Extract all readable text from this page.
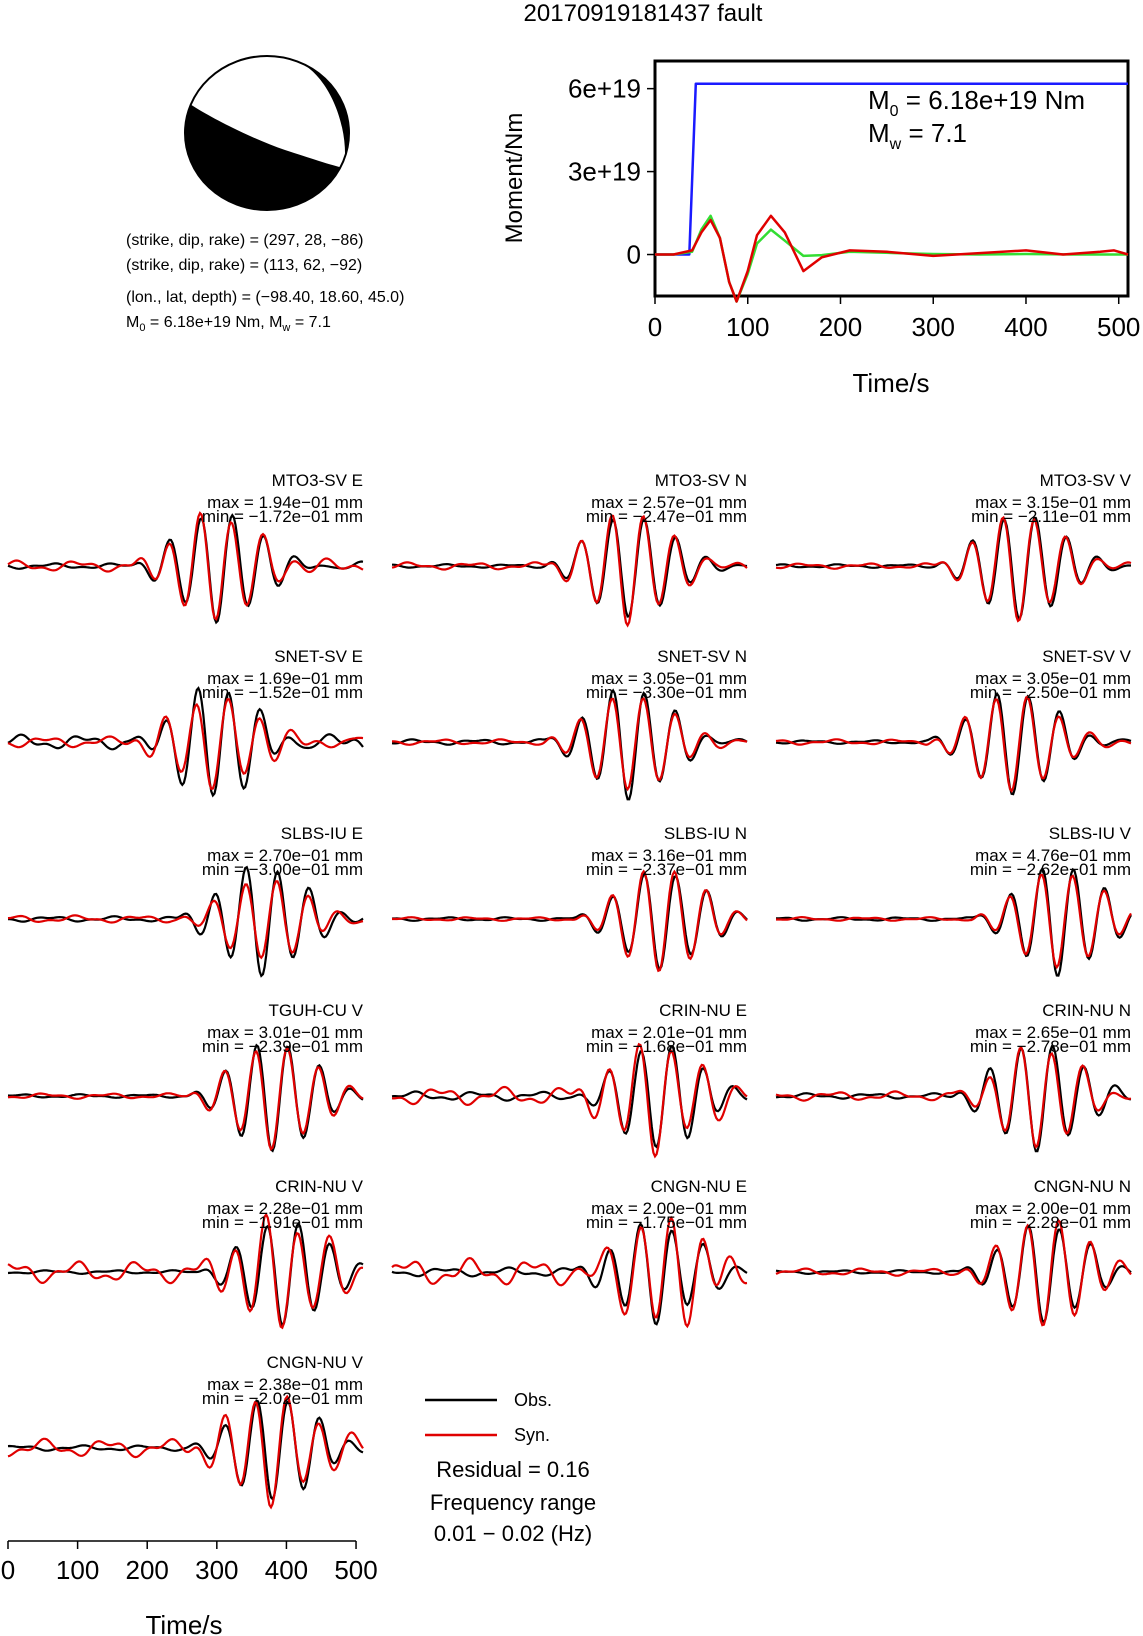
20170919181437 fault
(strike, dip, rake) = (297, 28, −86)
(strike, dip, rake) = (113, 62, −92)
(lon., lat, depth) = (−98.40, 18.60, 45.0)
$M_0 = 6.18e+19$ Nm, $M_w = 7.1$	0 100 200 300 400 500
0
3e+19
6e+19
Moment/Nm
Time/s
$M_0 = 6.18e+19$ Nm
$M_w = 7.1$
MTO3-SV E
max = 1.94e−01 mm
min = −1.72e−01 mm
MTO3-SV N
max = 2.57e−01 mm
min = −2.47e−01 mm
MTO3-SV V
max = 3.15e−01 mm
min = −2.11e−01 mm
SNET-SV E
max = 1.69e−01 mm
min = −1.52e−01 mm
SNET-SV N
max = 3.05e−01 mm
min = −3.30e−01 mm
SNET-SV V
max = 3.05e−01 mm
min = −2.50e−01 mm
SLBS-IU E
max = 2.70e−01 mm
min = −3.00e−01 mm
SLBS-IU N
max = 3.16e−01 mm
min = −2.37e−01 mm
SLBS-IU V
max = 4.76e−01 mm
min = −2.62e−01 mm
TGUH-CU V
max = 3.01e−01 mm
min = −2.39e−01 mm
CRIN-NU E
max = 2.01e−01 mm
min = −1.68e−01 mm
CRIN-NU N
max = 2.65e−01 mm
min = −2.78e−01 mm
CRIN-NU V
max = 2.28e−01 mm
min = −1.91e−01 mm
CNGN-NU E
max = 2.00e−01 mm
min = −1.75e−01 mm
CNGN-NU N
max = 2.00e−01 mm
min = −2.28e−01 mm
CNGN-NU V
max = 2.38e−01 mm
min = −2.02e−01 mm
0 100 200 300 400 500
Time/s
Obs.
Syn.
Residual = 0.16
Frequency range
0.01 − 0.02 (Hz)
